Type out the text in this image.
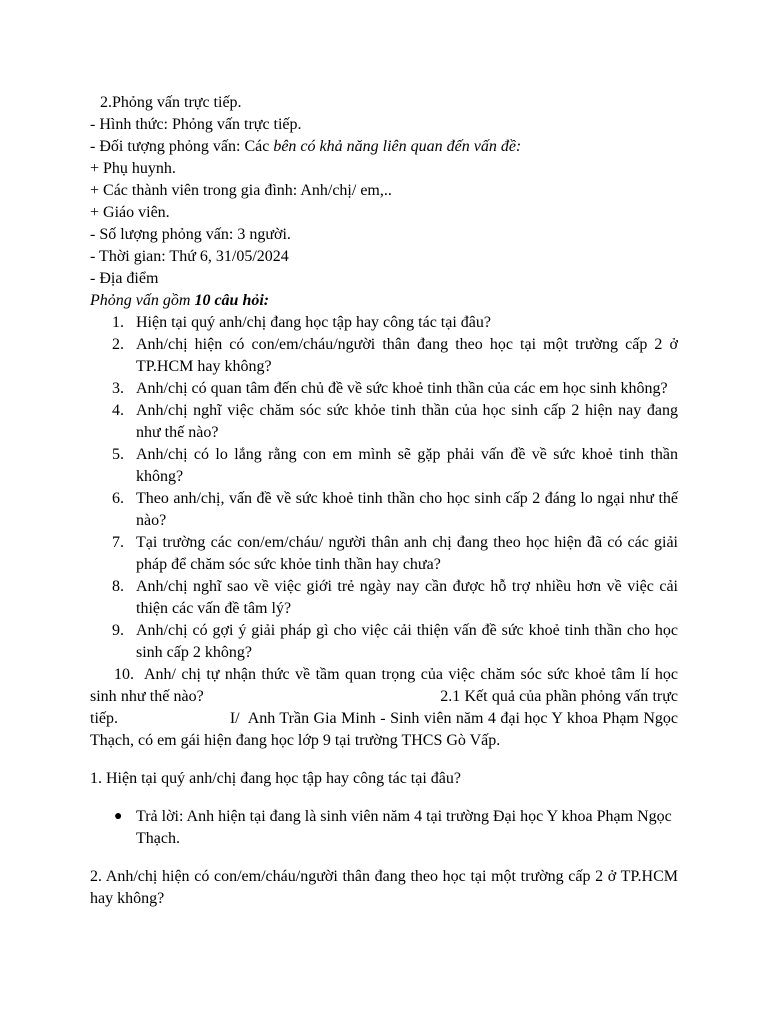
2.Phỏng vấn trực tiếp.
- Hình thức: Phỏng vấn trực tiếp.
- Đối tượng phỏng vấn: Các bên có khả năng liên quan đến vấn đề:
+ Phụ huynh.
+ Các thành viên trong gia đình: Anh/chị/ em,..
+ Giáo viên.
- Số lượng phỏng vấn: 3 người.
- Thời gian: Thứ 6, 31/05/2024
- Địa điểm
Phỏng vấn gồm 10 câu hỏi:
1. Hiện tại quý anh/chị đang học tập hay công tác tại đâu?
2. Anh/chị hiện có con/em/cháu/người thân đang theo học tại một trường cấp 2 ở TP.HCM hay không?
3. Anh/chị có quan tâm đến chủ đề về sức khoẻ tinh thần của các em học sinh không?
4. Anh/chị nghĩ việc chăm sóc sức khỏe tinh thần của học sinh cấp 2 hiện nay đang như thế nào?
5. Anh/chị có lo lắng rằng con em mình sẽ gặp phải vấn đề về sức khoẻ tinh thần không?
6. Theo anh/chị, vấn đề về sức khoẻ tinh thần cho học sinh cấp 2 đáng lo ngại như thế nào?
7. Tại trường các con/em/cháu/ người thân anh chị đang theo học hiện đã có các giải pháp để chăm sóc sức khỏe tinh thần hay chưa?
8. Anh/chị nghĩ sao về việc giới trẻ ngày nay cần được hỗ trợ nhiều hơn về việc cải thiện các vấn đề tâm lý?
9. Anh/chị có gợi ý giải pháp gì cho việc cải thiện vấn đề sức khoẻ tinh thần cho học sinh cấp 2 không?
10.  Anh/ chị tự nhận thức về tầm quan trọng của việc chăm sóc sức khoẻ tâm lí học sinh như thế nào?                                                        2.1 Kết quả của phần phỏng vấn trực tiếp.                         I/  Anh Trần Gia Minh - Sinh viên năm 4 đại học Y khoa Phạm Ngọc Thạch, có em gái hiện đang học lớp 9 tại trường THCS Gò Vấp.
1. Hiện tại quý anh/chị đang học tập hay công tác tại đâu?
● Trả lời: Anh hiện tại đang là sinh viên năm 4 tại trường Đại học Y khoa Phạm Ngọc Thạch.
2. Anh/chị hiện có con/em/cháu/người thân đang theo học tại một trường cấp 2 ở TP.HCM hay không?
